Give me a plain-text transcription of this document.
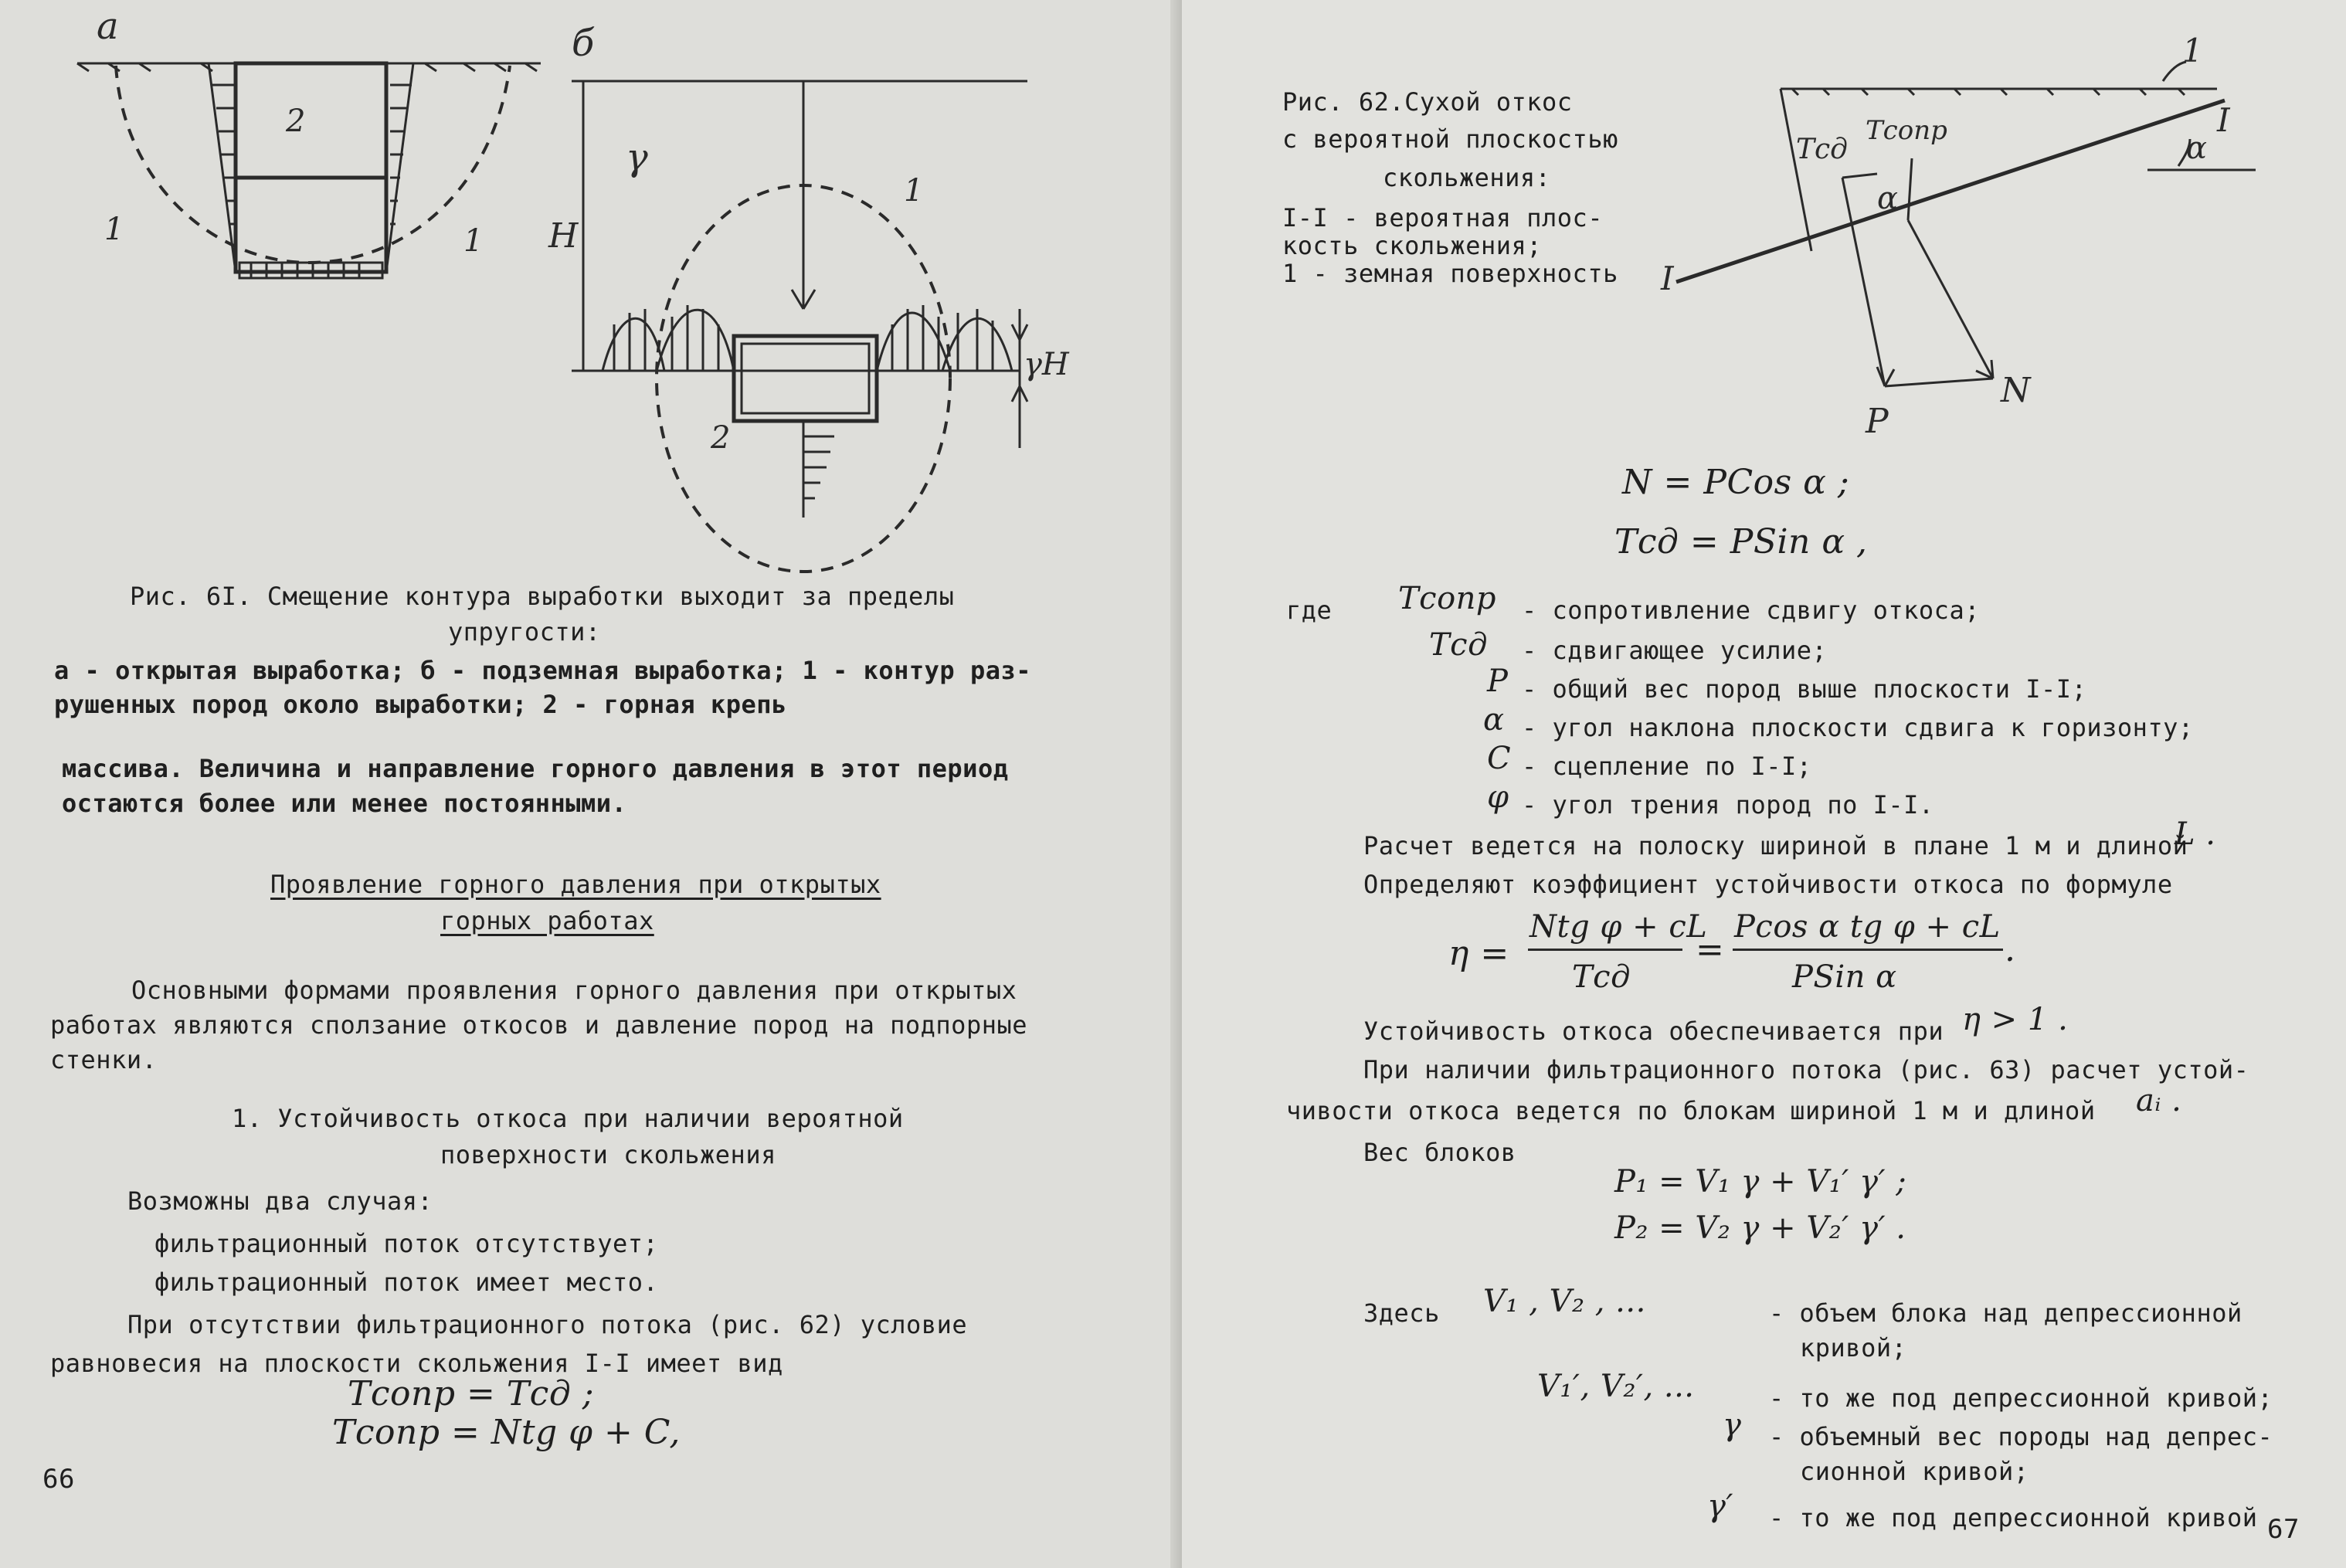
а
2
1	1
б
γ
H
γH
1
2
Рис. 6I. Смещение контура выработки выходит за пределы
упругости:
а - открытая выработка; б - подземная выработка; 1 - контур раз-
рушенных пород около выработки; 2 - горная крепь
массива. Величина и направление горного давления в этот период
остаются более или менее постоянными.
Проявление горного давления при открытых
горных работах
Основными формами проявления горного давления при открытых
работах являются сползание откосов и давление пород на подпорные
стенки.
1. Устойчивость откоса при наличии вероятной
поверхности скольжения
Возможны два случая:
фильтрационный поток отсутствует;
фильтрационный поток имеет место.
При отсутствии фильтрационного потока (рис. 62) условие
равновесия на плоскости скольжения I-I имеет вид
Tсопр = Tсд ;
Tсопр = Ntg φ + C,
66
Рис. 62.Сухой откос
с вероятной плоскостью
скольжения:
I-I - вероятная плос-
кость скольжения;
1 - земная поверхность
1
I
I
Tсд
Tсопр	α
α
P
N
N = PCos α ;
Tсд = PSin α ,
где Tсопр - сопротивление сдвигу откоса;
Tсд - сдвигающее усилие;
P - общий вес пород выше плоскости I-I;
α - угол наклона плоскости сдвига к горизонту;
C - сцепление по I-I;
φ - угол трения пород по I-I.
Расчет ведется на полоску шириной в плане 1 м и длиной
L .
Определяют коэффициент устойчивости откоса по формуле
η =
Ntg φ + cL
Tсд
=
Pcos α tg φ + cL
PSin α
.
Устойчивость откоса обеспечивается при η > 1 .
При наличии фильтрационного потока (рис. 63) расчет устой-
чивости откоса ведется по блокам шириной 1 м и длиной aᵢ .
Вес блоков
P₁ = V₁ γ + V₁′ γ′ ;
P₂ = V₂ γ + V₂′ γ′ .
Здесь V₁ , V₂ , ...	- объем блока над депрессионной
кривой;
V₁′, V₂′, ...	- то же под депрессионной кривой;
γ - объемный вес породы над депрес-
сионной кривой;
γ′ - то же под депрессионной кривой 67
